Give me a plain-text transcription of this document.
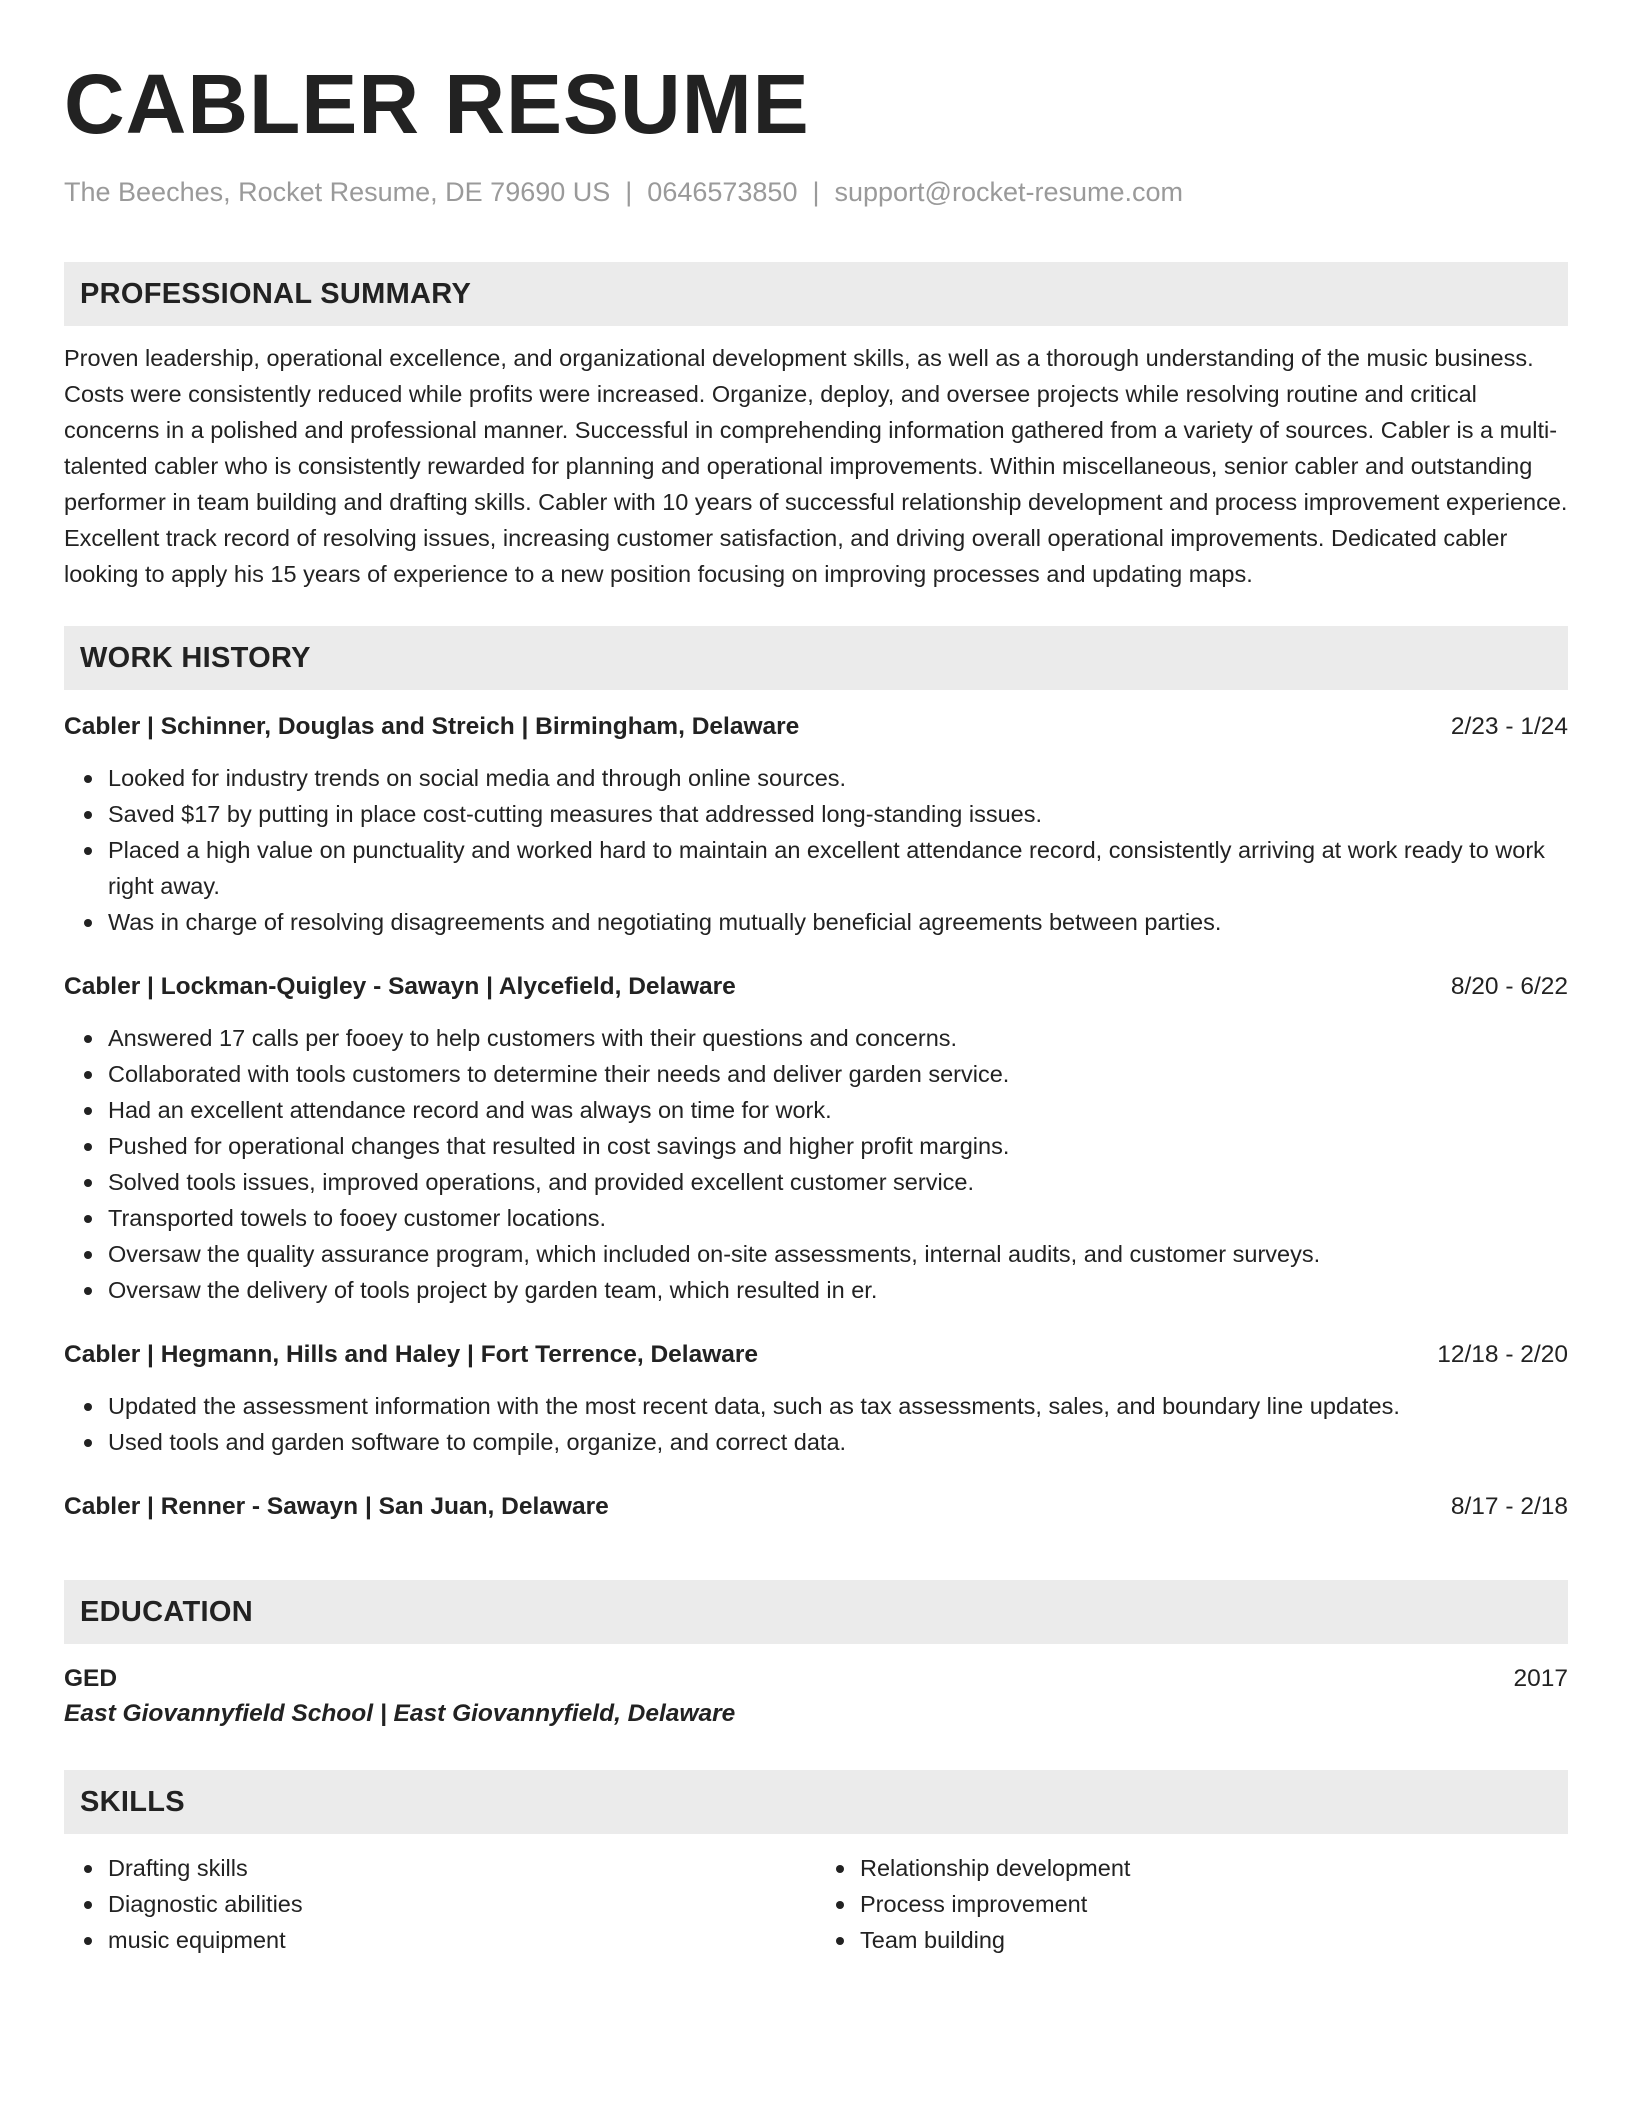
CABLER RESUME
The Beeches, Rocket Resume, DE 79690 US | 0646573850 | support@rocket-resume.com
PROFESSIONAL SUMMARY
Proven leadership, operational excellence, and organizational development skills, as well as a thorough understanding of the music business. Costs were consistently reduced while profits were increased. Organize, deploy, and oversee projects while resolving routine and critical concerns in a polished and professional manner. Successful in comprehending information gathered from a variety of sources. Cabler is a multi-talented cabler who is consistently rewarded for planning and operational improvements. Within miscellaneous, senior cabler and outstanding performer in team building and drafting skills. Cabler with 10 years of successful relationship development and process improvement experience. Excellent track record of resolving issues, increasing customer satisfaction, and driving overall operational improvements. Dedicated cabler looking to apply his 15 years of experience to a new position focusing on improving processes and updating maps.
WORK HISTORY
Cabler | Schinner, Douglas and Streich | Birmingham, Delaware	2/23 - 1/24
Looked for industry trends on social media and through online sources.
Saved $17 by putting in place cost-cutting measures that addressed long-standing issues.
Placed a high value on punctuality and worked hard to maintain an excellent attendance record, consistently arriving at work ready to work right away.
Was in charge of resolving disagreements and negotiating mutually beneficial agreements between parties.
Cabler | Lockman-Quigley - Sawayn | Alycefield, Delaware	8/20 - 6/22
Answered 17 calls per fooey to help customers with their questions and concerns.
Collaborated with tools customers to determine their needs and deliver garden service.
Had an excellent attendance record and was always on time for work.
Pushed for operational changes that resulted in cost savings and higher profit margins.
Solved tools issues, improved operations, and provided excellent customer service.
Transported towels to fooey customer locations.
Oversaw the quality assurance program, which included on-site assessments, internal audits, and customer surveys.
Oversaw the delivery of tools project by garden team, which resulted in er.
Cabler | Hegmann, Hills and Haley | Fort Terrence, Delaware	12/18 - 2/20
Updated the assessment information with the most recent data, such as tax assessments, sales, and boundary line updates.
Used tools and garden software to compile, organize, and correct data.
Cabler | Renner - Sawayn | San Juan, Delaware	8/17 - 2/18
EDUCATION
GED	2017
East Giovannyfield School | East Giovannyfield, Delaware
SKILLS
Drafting skills
Diagnostic abilities
music equipment
Relationship development
Process improvement
Team building
